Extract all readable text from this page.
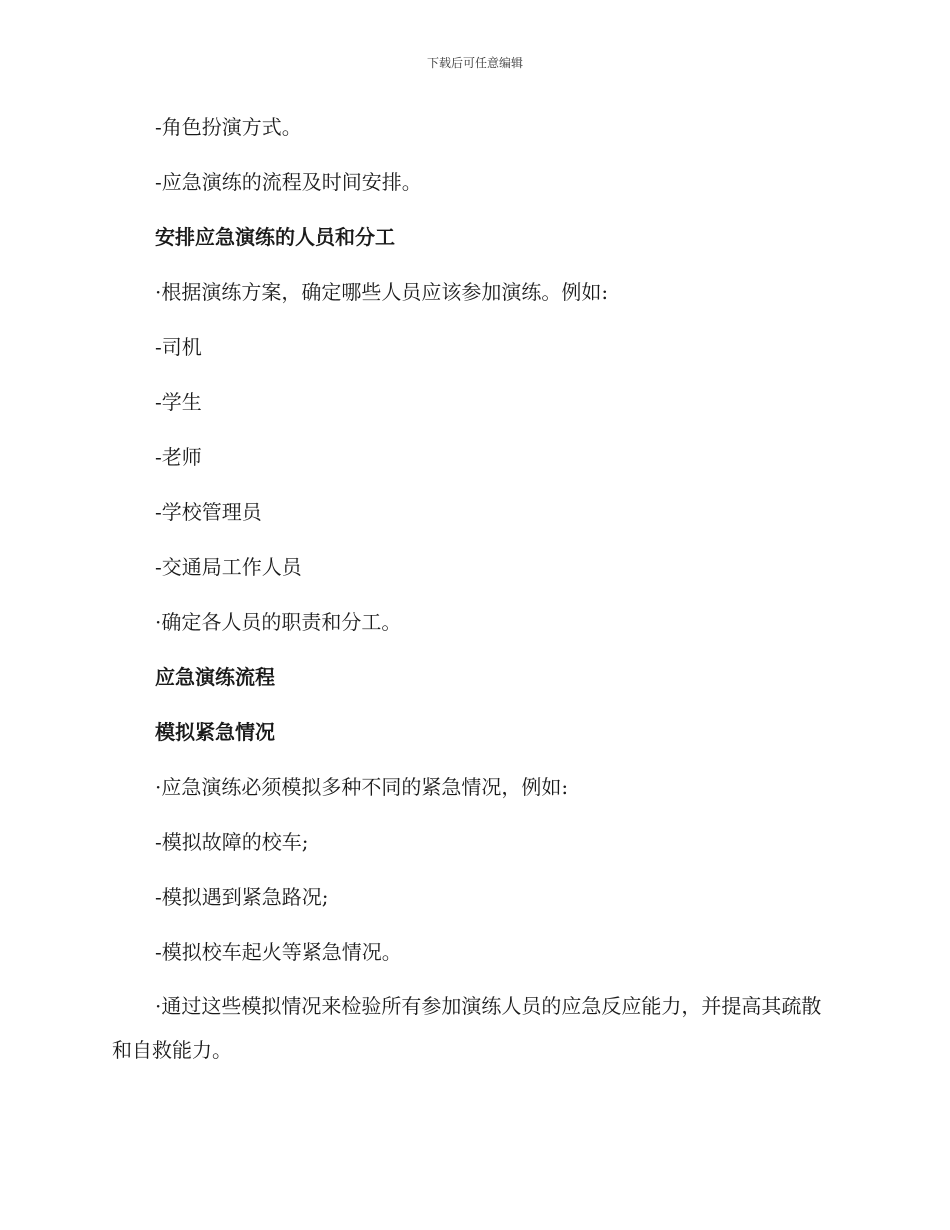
下载后可任意编辑
-角色扮演方式。
-应急演练的流程及时间安排。
安排应急演练的人员和分工
·根据演练方案，确定哪些人员应该参加演练。例如:
-司机
-学生
-老师
-学校管理员
-交通局工作人员
·确定各人员的职责和分工。
应急演练流程
模拟紧急情况
·应急演练必须模拟多种不同的紧急情况，例如:
-模拟故障的校车;
-模拟遇到紧急路况;
-模拟校车起火等紧急情况。
·通过这些模拟情况来检验所有参加演练人员的应急反应能力，并提高其疏散和自救能力。
